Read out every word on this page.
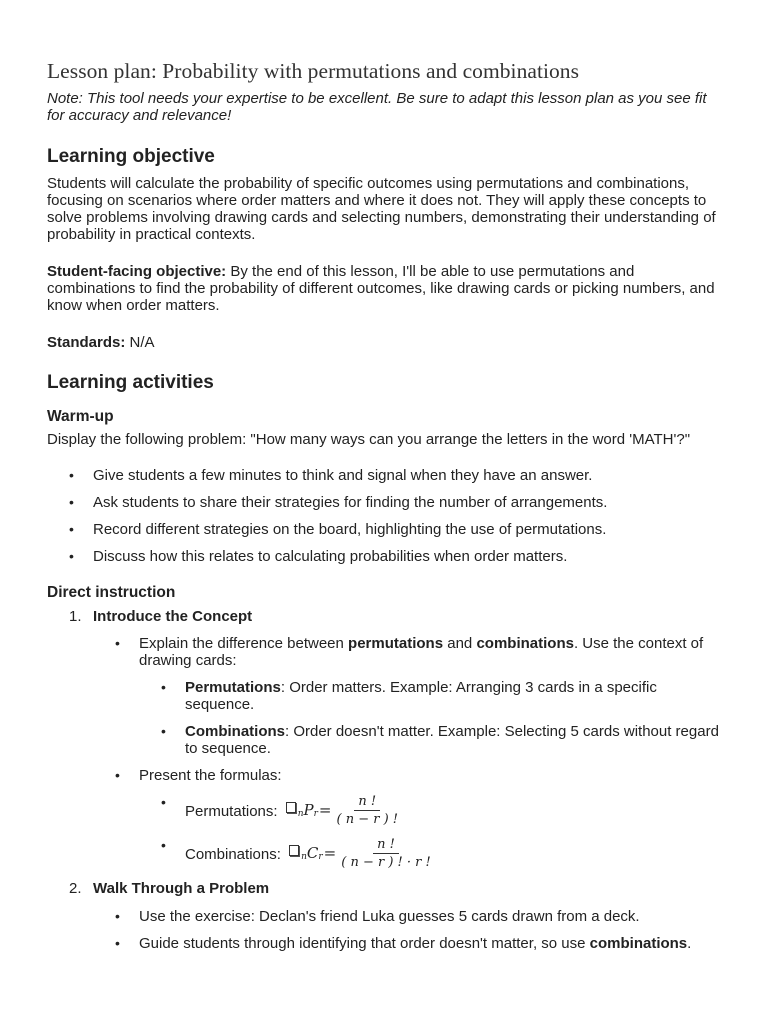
Lesson plan: Probability with permutations and combinations

Note: This tool needs your expertise to be excellent. Be sure to adapt this lesson plan as you see fit for accuracy and relevance!

Learning objective

Students will calculate the probability of specific outcomes using permutations and combinations, focusing on scenarios where order matters and where it does not. They will apply these concepts to solve problems involving drawing cards and selecting numbers, demonstrating their understanding of probability in practical contexts.

Student-facing objective: By the end of this lesson, I'll be able to use permutations and combinations to find the probability of different outcomes, like drawing cards or picking numbers, and know when order matters.

Standards: N/A

Learning activities
Warm-up

Display the following problem: "How many ways can you arrange the letters in the word 'MATH'?"

• Give students a few minutes to think and signal when they have an answer.
• Ask students to share their strategies for finding the number of arrangements.
• Record different strategies on the board, highlighting the use of permutations.
• Discuss how this relates to calculating probabilities when order matters.
Direct instruction
1. Introduce the Concept
• Explain the difference between permutations and combinations. Use the context of drawing cards:
• Permutations: Order matters. Example: Arranging 3 cards in a specific sequence.
• Combinations: Order doesn't matter. Example: Selecting 5 cards without regard to sequence.
• Present the formulas:
• Permutations: n P $r = \frac{n !}{( n - r ) !}$
• Combinations: n C $r = \frac{n !}{( n - r ) ! \cdot r !}$
2. Walk Through a Problem
• Use the exercise: Declan's friend Luka guesses 5 cards drawn from a deck.
• Guide students through identifying that order doesn't matter, so use combinations.
